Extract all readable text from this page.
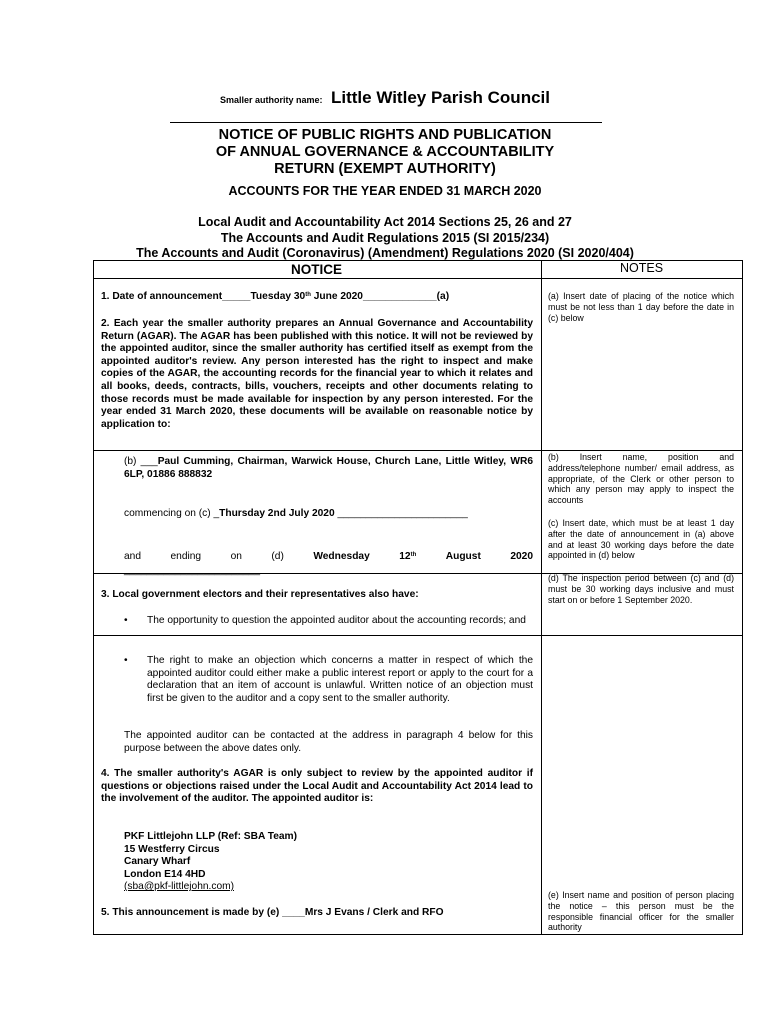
Smaller authority name: Little Witley Parish Council
NOTICE OF PUBLIC RIGHTS AND PUBLICATION
OF ANNUAL GOVERNANCE & ACCOUNTABILITY
RETURN (EXEMPT AUTHORITY)
ACCOUNTS FOR THE YEAR ENDED 31 MARCH 2020
Local Audit and Accountability Act 2014 Sections 25, 26 and 27
The Accounts and Audit Regulations 2015 (SI 2015/234)
The Accounts and Audit (Coronavirus) (Amendment) Regulations 2020 (SI 2020/404)

NOTICE	NOTES
1. Date of announcement_____Tuesday 30th June 2020_____________(a)
2. Each year the smaller authority prepares an Annual Governance and Accountability Return (AGAR). The AGAR has been published with this notice. It will not be reviewed by the appointed auditor, since the smaller authority has certified itself as exempt from the appointed auditor's review. Any person interested has the right to inspect and make copies of the AGAR, the accounting records for the financial year to which it relates and all books, deeds, contracts, bills, vouchers, receipts and other documents relating to those records must be made available for inspection by any person interested. For the year ended 31 March 2020, these documents will be available on reasonable notice by application to:
(b) ___Paul Cumming, Chairman, Warwick House, Church Lane, Little Witley, WR6 6LP, 01886 888832
commencing on (c) _Thursday 2nd July 2020 _______________________
and	ending	on	(d)	Wednesday	12th	August	2020
________________________
3. Local government electors and their representatives also have:
• The opportunity to question the appointed auditor about the accounting records; and
• The right to make an objection which concerns a matter in respect of which the appointed auditor could either make a public interest report or apply to the court for a declaration that an item of account is unlawful. Written notice of an objection must first be given to the auditor and a copy sent to the smaller authority.
The appointed auditor can be contacted at the address in paragraph 4 below for this purpose between the above dates only.
4. The smaller authority's AGAR is only subject to review by the appointed auditor if questions or objections raised under the Local Audit and Accountability Act 2014 lead to the involvement of the auditor. The appointed auditor is:
PKF Littlejohn LLP (Ref: SBA Team)
15 Westferry Circus
Canary Wharf
London E14 4HD
(sba@pkf-littlejohn.com)
5. This announcement is made by (e) ____Mrs J Evans / Clerk and RFO
(a) Insert date of placing of the notice which must be not less than 1 day before the date in (c) below
(b) Insert name, position and address/telephone number/ email address, as appropriate, of the Clerk or other person to which any person may apply to inspect the accounts
(c) Insert date, which must be at least 1 day after the date of announcement in (a) above and at least 30 working days before the date appointed in (d) below
(d) The inspection period between (c) and (d) must be 30 working days inclusive and must start on or before 1 September 2020.
(e) Insert name and position of person placing the notice – this person must be the responsible financial officer for the smaller authority
